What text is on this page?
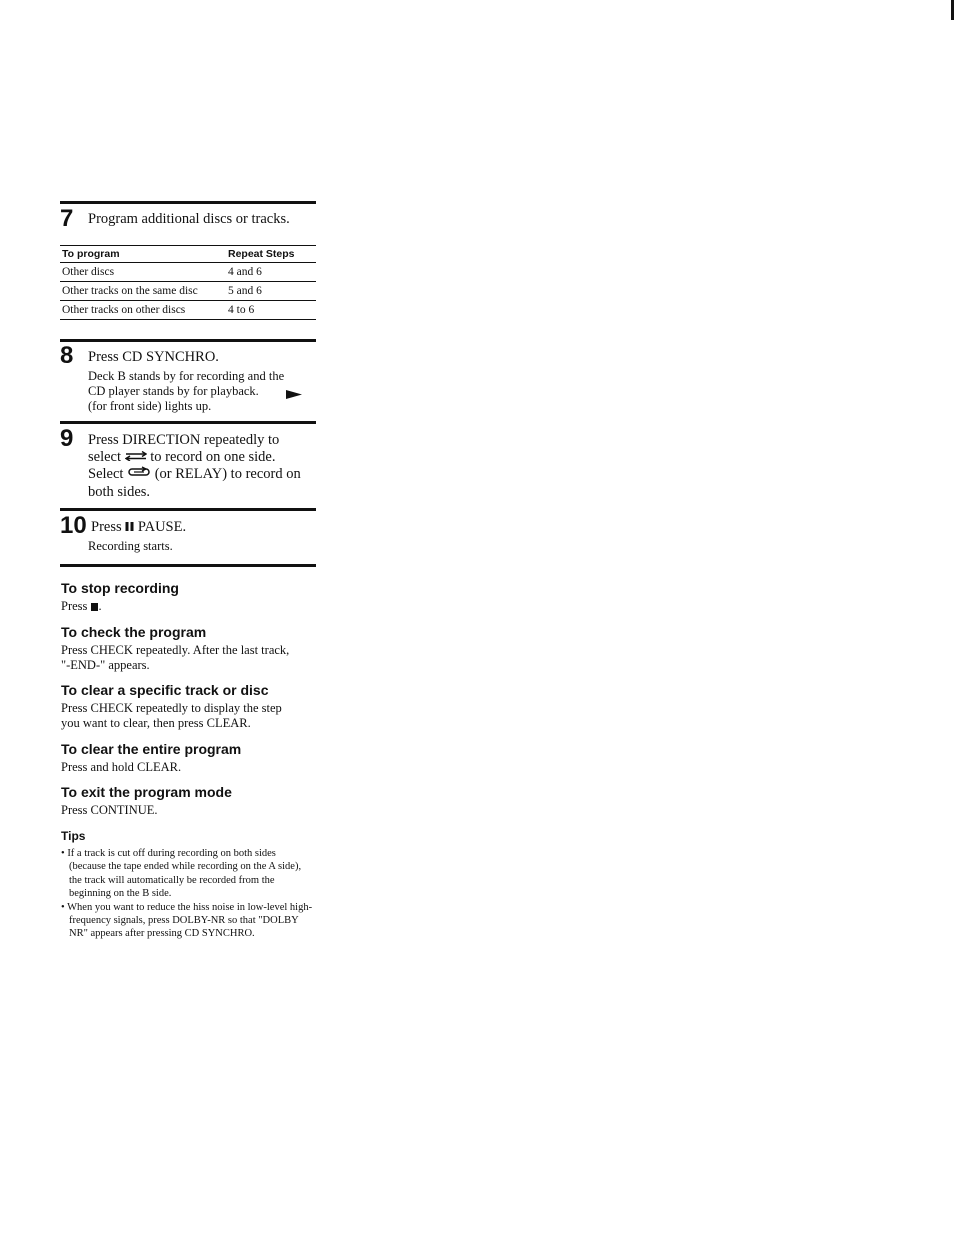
7 Program additional discs or tracks.
To program	Repeat Steps
Other discs	4 and 6
Other tracks on the same disc	5 and 6
Other tracks on other discs	4 to 6
8 Press CD SYNCHRO.
Deck B stands by for recording and the
CD player stands by for playback.
(for front side) lights up.
9 Press DIRECTION repeatedly to
select to record on one side.
Select (or RELAY) to record on
both sides.
10 Press PAUSE.
Recording starts.
To stop recording
Press .
To check the program
Press CHECK repeatedly. After the last track,
"-END-" appears.
To clear a specific track or disc
Press CHECK repeatedly to display the step
you want to clear, then press CLEAR.
To clear the entire program
Press and hold CLEAR.
To exit the program mode
Press CONTINUE.
Tips
• If a track is cut off during recording on both sides (because the tape ended while recording on the A side), the track will automatically be recorded from the beginning on the B side.
• When you want to reduce the hiss noise in low-level high-frequency signals, press DOLBY-NR so that "DOLBY NR" appears after pressing CD SYNCHRO.
